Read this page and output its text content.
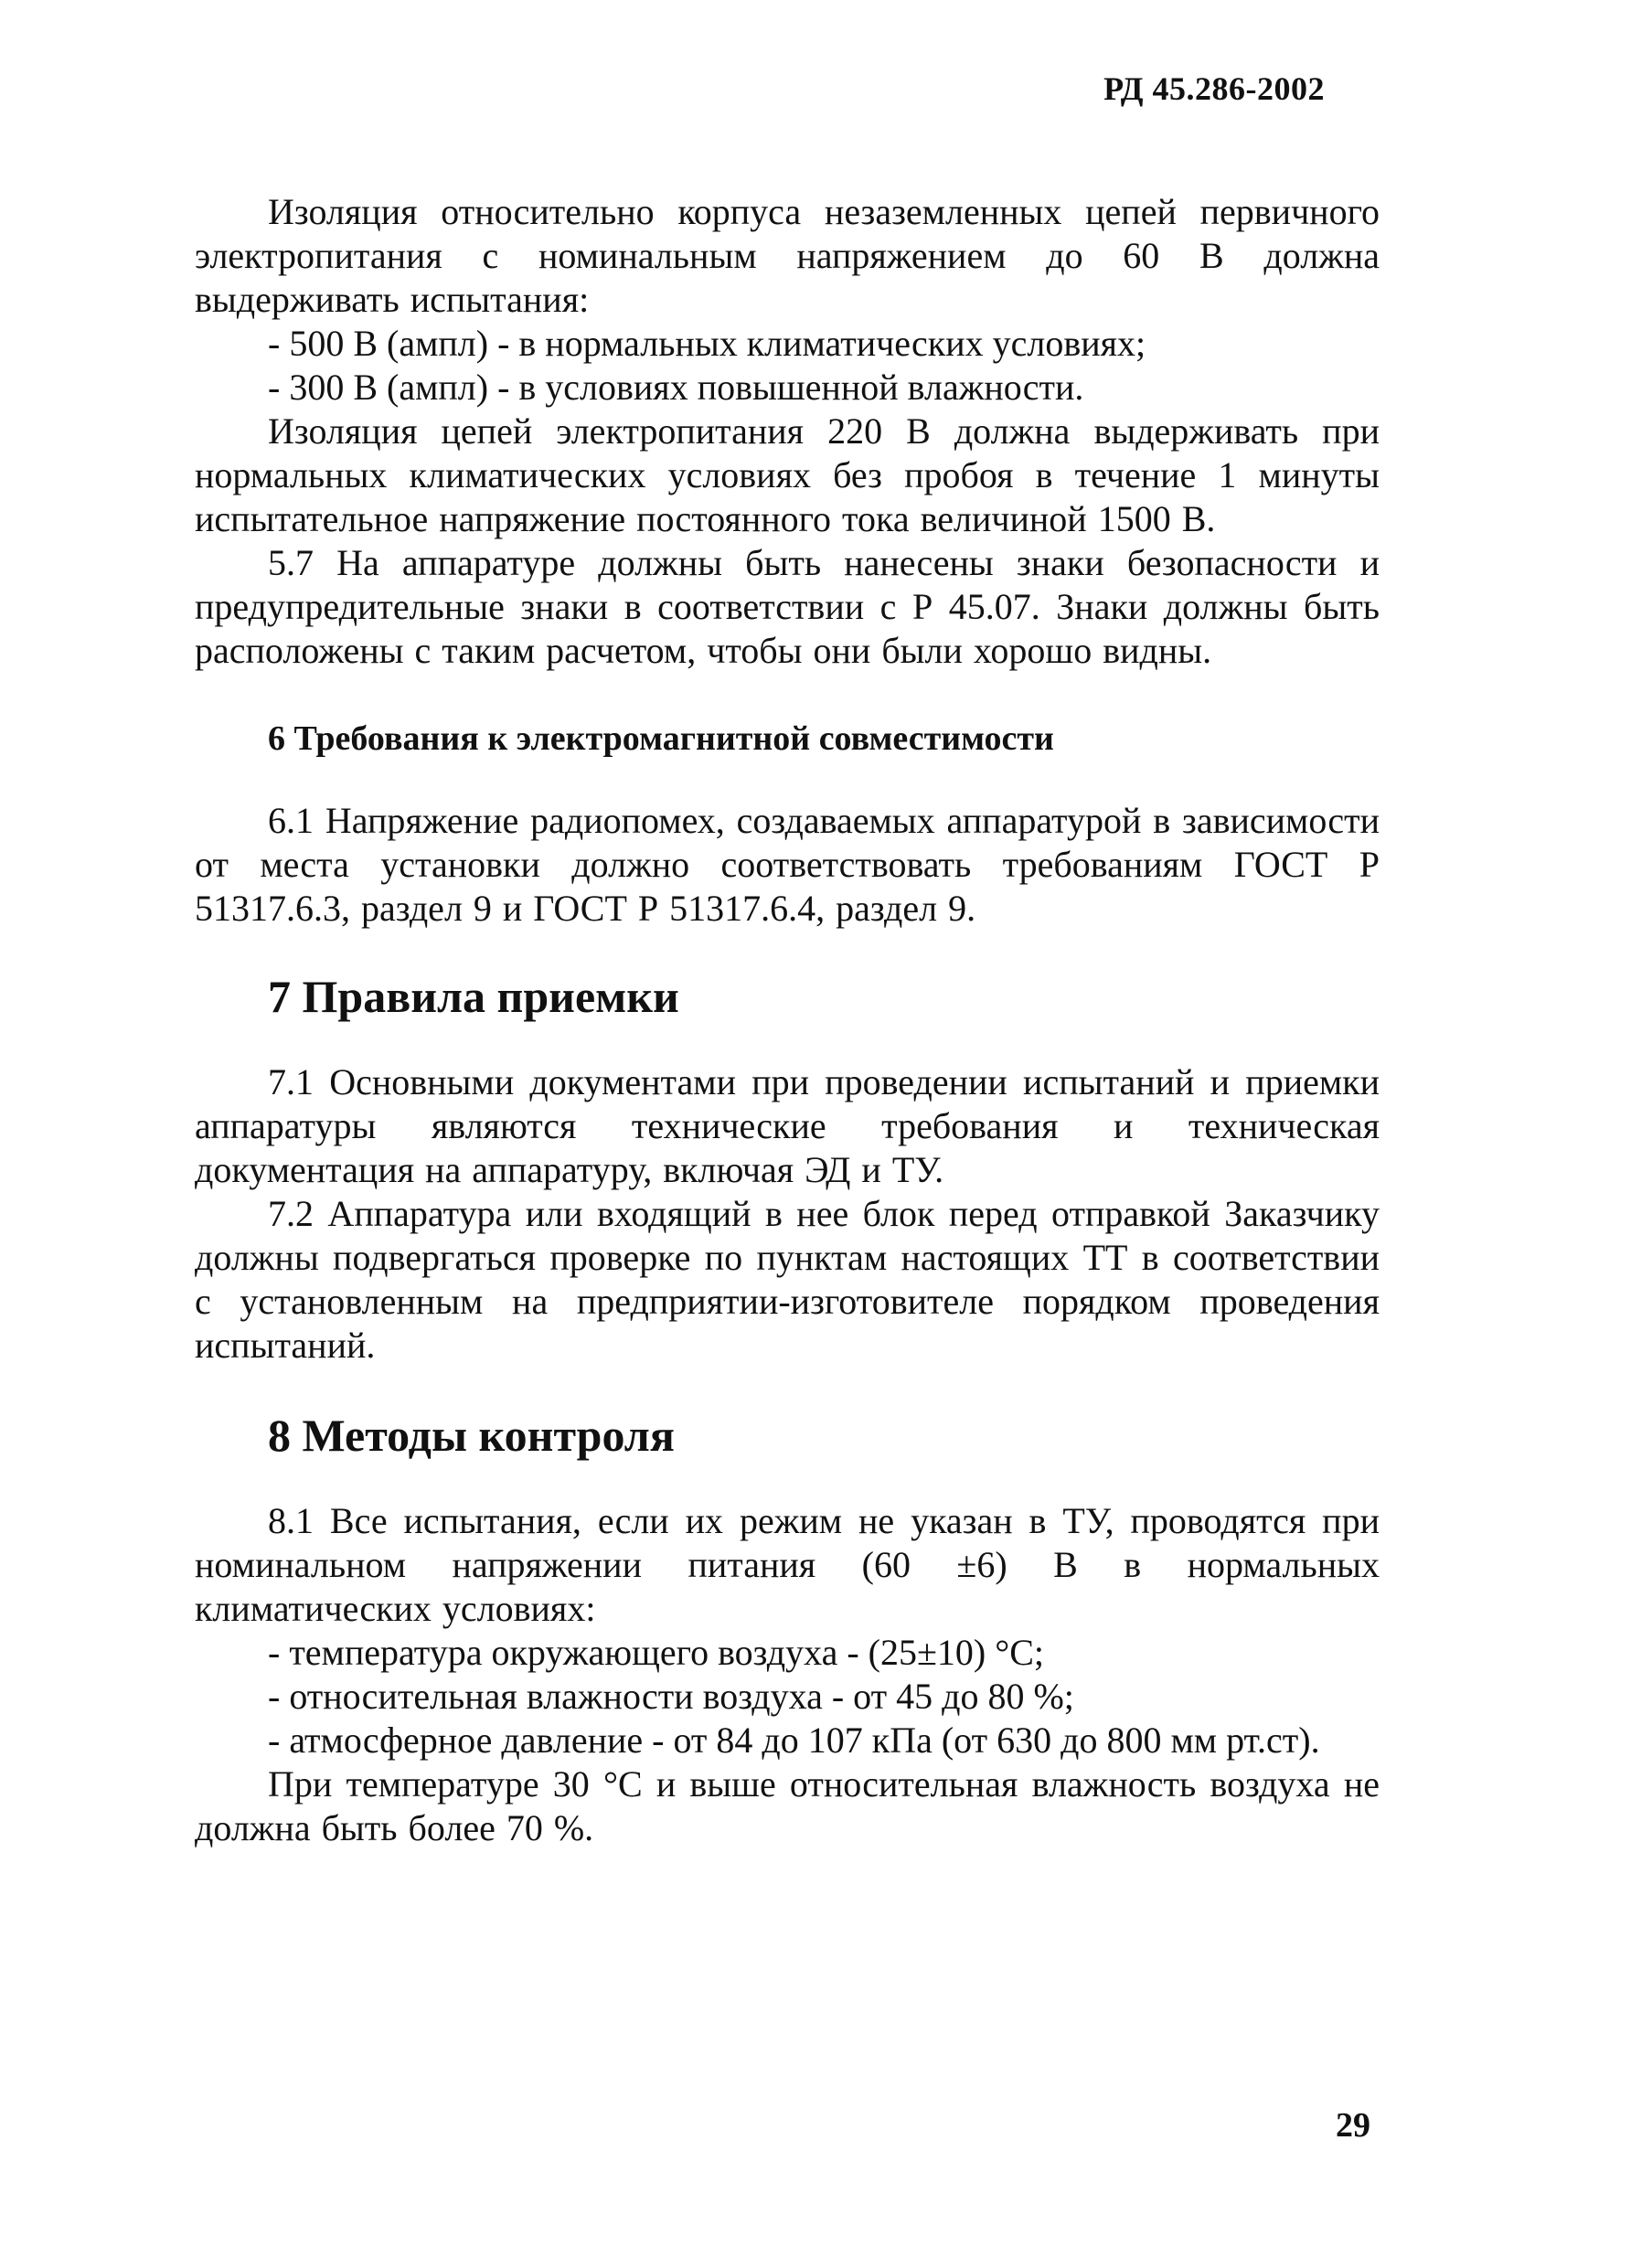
РД 45.286-2002

Изоляция относительно корпуса незаземленных цепей первичного электропитания с номинальным напряжением до 60 В должна выдерживать испытания:

- 500 В (ампл) - в нормальных климатических условиях;

- 300 В (ампл) - в условиях повышенной влажности.

Изоляция цепей электропитания 220 В должна выдерживать при нормальных климатических условиях без пробоя в течение 1 минуты испытательное напряжение постоянного тока величиной 1500 В.

5.7 На аппаратуре должны быть нанесены знаки безопасности и предупредительные знаки в соответствии с Р 45.07. Знаки должны быть расположены с таким расчетом, чтобы они были хорошо видны.

6 Требования к электромагнитной совместимости

6.1 Напряжение радиопомех, создаваемых аппаратурой в зависимости от места установки должно соответствовать требованиям ГОСТ Р 51317.6.3, раздел 9 и ГОСТ Р 51317.6.4, раздел 9.

7 Правила приемки

7.1 Основными документами при проведении испытаний и приемки аппаратуры являются технические требования и техническая документация на аппаратуру, включая ЭД и ТУ.

7.2 Аппаратура или входящий в нее блок перед отправкой Заказчику должны подвергаться проверке по пунктам настоящих ТТ в соответствии с установленным на предприятии-изготовителе порядком проведения испытаний.

8 Методы контроля

8.1 Все испытания, если их режим не указан в ТУ, проводятся при номинальном напряжении питания (60 ±6) В в нормальных климатических условиях:

- температура окружающего воздуха - (25±10) °С;

- относительная влажности воздуха - от 45 до 80 %;

- атмосферное давление - от 84 до 107 кПа (от 630 до 800 мм рт.ст).

При температуре 30 °С и выше относительная влажность воздуха не должна быть более 70 %.

29
